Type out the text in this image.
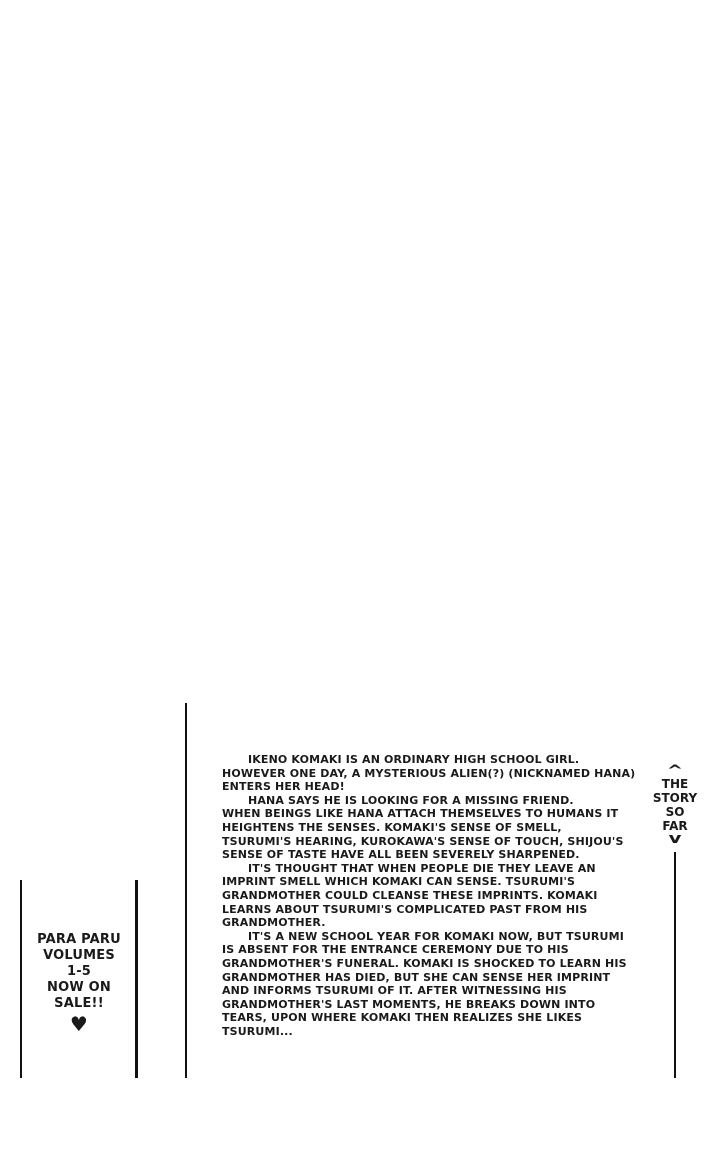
PARA PARU
VOLUMES
1-5
NOW ON
SALE!!
♥
IKENO KOMAKI IS AN ORDINARY HIGH SCHOOL GIRL.
HOWEVER ONE DAY, A MYSTERIOUS ALIEN(?) (NICKNAMED HANA)
ENTERS HER HEAD!
HANA SAYS HE IS LOOKING FOR A MISSING FRIEND.
WHEN BEINGS LIKE HANA ATTACH THEMSELVES TO HUMANS IT
HEIGHTENS THE SENSES. KOMAKI'S SENSE OF SMELL,
TSURUMI'S HEARING, KUROKAWA'S SENSE OF TOUCH, SHIJOU'S
SENSE OF TASTE HAVE ALL BEEN SEVERELY SHARPENED.
IT'S THOUGHT THAT WHEN PEOPLE DIE THEY LEAVE AN
IMPRINT SMELL WHICH KOMAKI CAN SENSE. TSURUMI'S
GRANDMOTHER COULD CLEANSE THESE IMPRINTS. KOMAKI
LEARNS ABOUT TSURUMI'S COMPLICATED PAST FROM HIS
GRANDMOTHER.
IT'S A NEW SCHOOL YEAR FOR KOMAKI NOW, BUT TSURUMI
IS ABSENT FOR THE ENTRANCE CEREMONY DUE TO HIS
GRANDMOTHER'S FUNERAL. KOMAKI IS SHOCKED TO LEARN HIS
GRANDMOTHER HAS DIED, BUT SHE CAN SENSE HER IMPRINT
AND INFORMS TSURUMI OF IT. AFTER WITNESSING HIS
GRANDMOTHER'S LAST MOMENTS, HE BREAKS DOWN INTO
TEARS, UPON WHERE KOMAKI THEN REALIZES SHE LIKES
TSURUMI...
^
THE
STORY
SO
FAR
v
